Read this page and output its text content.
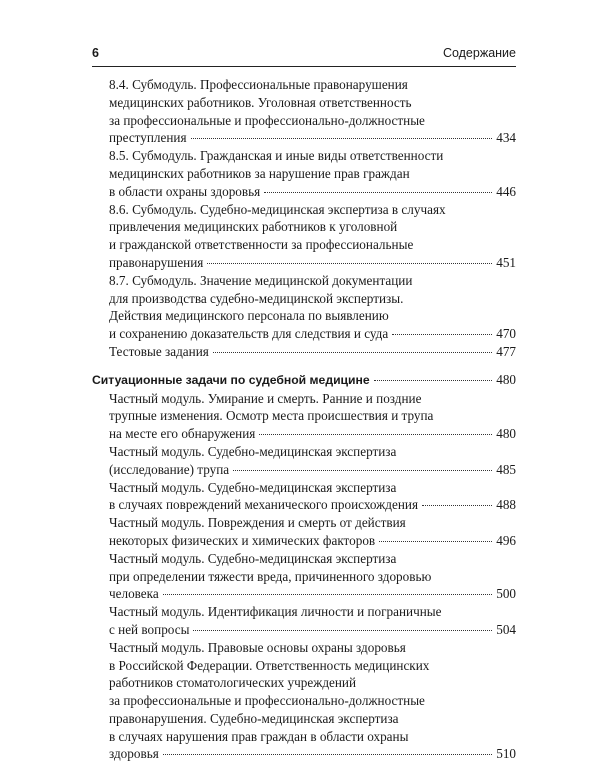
6	Содержание
8.4. Субмодуль. Профессиональные правонарушения
медицинских работников. Уголовная ответственность
за профессиональные и профессионально-должностные
преступления	434
8.5. Субмодуль. Гражданская и иные виды ответственности
медицинских работников за нарушение прав граждан
в области охраны здоровья	446
8.6. Субмодуль. Судебно-медицинская экспертиза в случаях
привлечения медицинских работников к уголовной
и гражданской ответственности за профессиональные
правонарушения	451
8.7. Субмодуль. Значение медицинской документации
для производства судебно-медицинской экспертизы.
Действия медицинского персонала по выявлению
и сохранению доказательств для следствия и суда	470
Тестовые задания	477
Ситуационные задачи по судебной медицине	480
Частный модуль. Умирание и смерть. Ранние и поздние
трупные изменения. Осмотр места происшествия и трупа
на месте его обнаружения	480
Частный модуль. Судебно-медицинская экспертиза
(исследование) трупа	485
Частный модуль. Судебно-медицинская экспертиза
в случаях повреждений механического происхождения	488
Частный модуль. Повреждения и смерть от действия
некоторых физических и химических факторов	496
Частный модуль. Судебно-медицинская экспертиза
при определении тяжести вреда, причиненного здоровью
человека	500
Частный модуль. Идентификация личности и пограничные
с ней вопросы	504
Частный модуль. Правовые основы охраны здоровья
в Российской Федерации. Ответственность медицинских
работников стоматологических учреждений
за профессиональные и профессионально-должностные
правонарушения. Судебно-медицинская экспертиза
в случаях нарушения прав граждан в области охраны
здоровья	510
